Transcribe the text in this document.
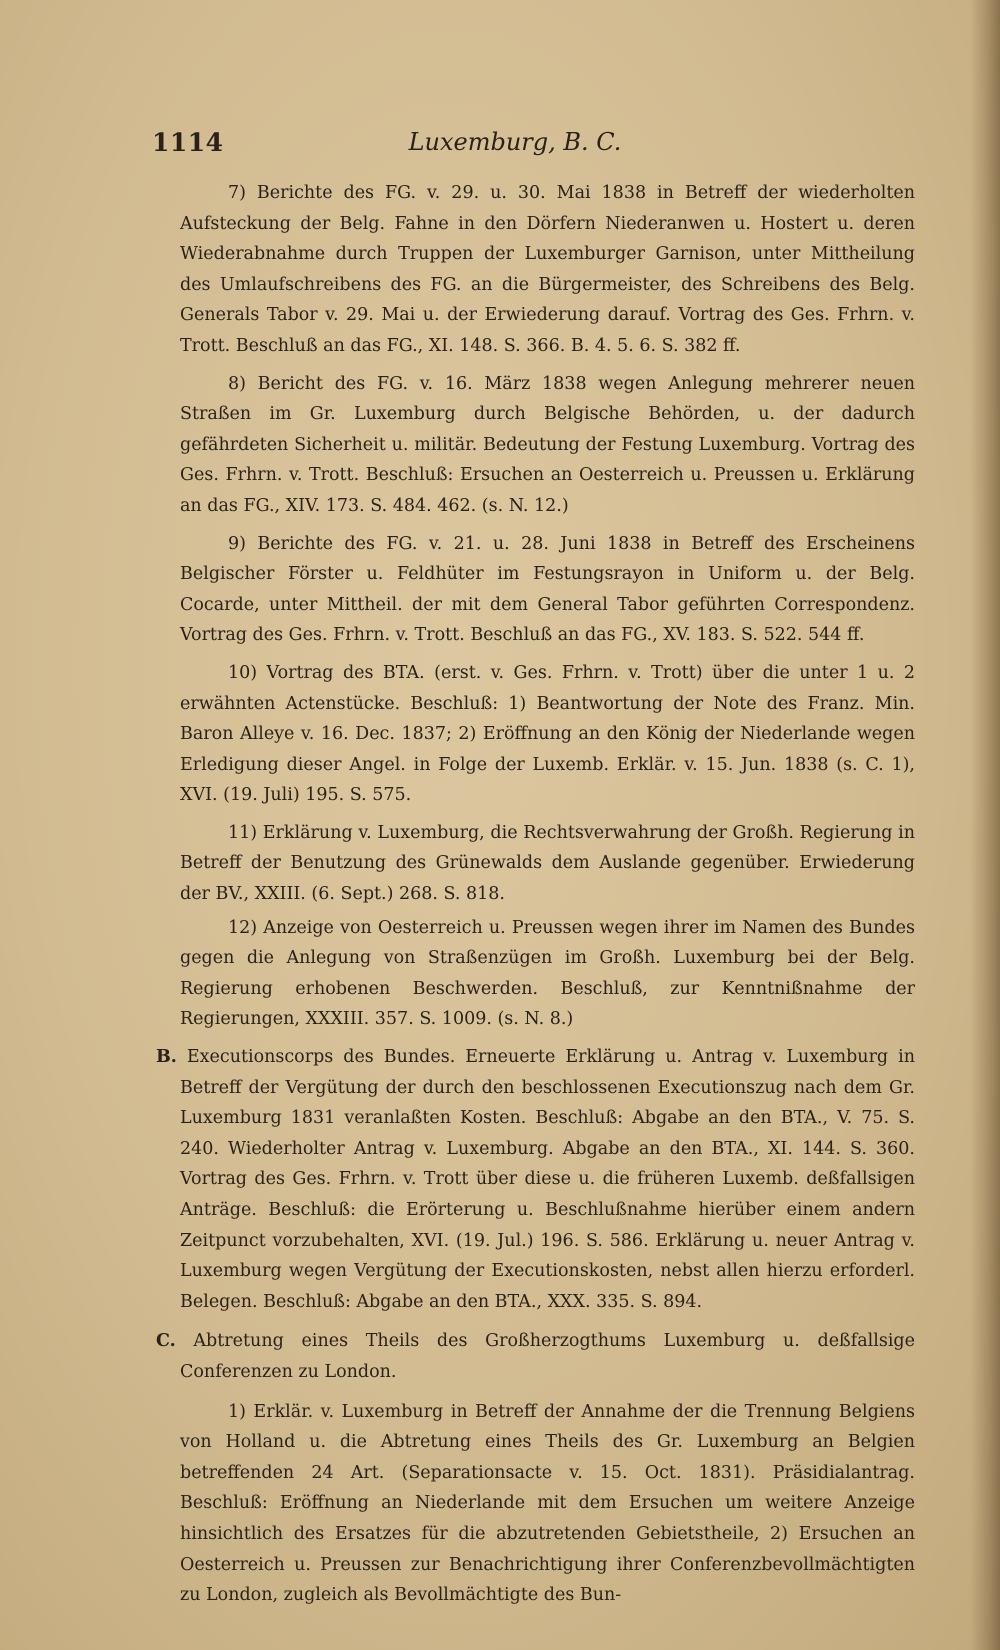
1114	Luxemburg, B. C.

7) Berichte des FG. v. 29. u. 30. Mai 1838 in Betreff der wiederholten Aufsteckung der Belg. Fahne in den Dörfern Niederanwen u. Hostert u. deren Wiederabnahme durch Truppen der Luxemburger Garnison, unter Mittheilung des Umlaufschreibens des FG. an die Bürgermeister, des Schreibens des Belg. Generals Tabor v. 29. Mai u. der Erwiederung darauf. Vortrag des Ges. Frhrn. v. Trott. Beschluß an das FG., XI. 148. S. 366. B. 4. 5. 6. S. 382 ff.

8) Bericht des FG. v. 16. März 1838 wegen Anlegung mehrerer neuen Straßen im Gr. Luxemburg durch Belgische Behörden, u. der dadurch gefährdeten Sicherheit u. militär. Bedeutung der Festung Luxemburg. Vortrag des Ges. Frhrn. v. Trott. Beschluß: Ersuchen an Oesterreich u. Preussen u. Erklärung an das FG., XIV. 173. S. 484. 462. (s. N. 12.)

9) Berichte des FG. v. 21. u. 28. Juni 1838 in Betreff des Erscheinens Belgischer Förster u. Feldhüter im Festungsrayon in Uniform u. der Belg. Cocarde, unter Mittheil. der mit dem General Tabor geführten Correspondenz. Vortrag des Ges. Frhrn. v. Trott. Beschluß an das FG., XV. 183. S. 522. 544 ff.

10) Vortrag des BTA. (erst. v. Ges. Frhrn. v. Trott) über die unter 1 u. 2 erwähnten Actenstücke. Beschluß: 1) Beantwortung der Note des Franz. Min. Baron Alleye v. 16. Dec. 1837; 2) Eröffnung an den König der Niederlande wegen Erledigung dieser Angel. in Folge der Luxemb. Erklär. v. 15. Jun. 1838 (s. C. 1), XVI. (19. Juli) 195. S. 575.

11) Erklärung v. Luxemburg, die Rechtsverwahrung der Großh. Regierung in Betreff der Benutzung des Grünewalds dem Auslande gegenüber. Erwiederung der BV., XXIII. (6. Sept.) 268. S. 818.

12) Anzeige von Oesterreich u. Preussen wegen ihrer im Namen des Bundes gegen die Anlegung von Straßenzügen im Großh. Luxemburg bei der Belg. Regierung erhobenen Beschwerden. Beschluß, zur Kenntnißnahme der Regierungen, XXXIII. 357. S. 1009. (s. N. 8.)

B. Executionscorps des Bundes. Erneuerte Erklärung u. Antrag v. Luxemburg in Betreff der Vergütung der durch den beschlossenen Executionszug nach dem Gr. Luxemburg 1831 veranlaßten Kosten. Beschluß: Abgabe an den BTA., V. 75. S. 240. Wiederholter Antrag v. Luxemburg. Abgabe an den BTA., XI. 144. S. 360. Vortrag des Ges. Frhrn. v. Trott über diese u. die früheren Luxemb. deßfallsigen Anträge. Beschluß: die Erörterung u. Beschlußnahme hierüber einem andern Zeitpunct vorzubehalten, XVI. (19. Jul.) 196. S. 586. Erklärung u. neuer Antrag v. Luxemburg wegen Vergütung der Executionskosten, nebst allen hierzu erforderl. Belegen. Beschluß: Abgabe an den BTA., XXX. 335. S. 894.

C. Abtretung eines Theils des Großherzogthums Luxemburg u. deßfallsige Conferenzen zu London.

1) Erklär. v. Luxemburg in Betreff der Annahme der die Trennung Belgiens von Holland u. die Abtretung eines Theils des Gr. Luxemburg an Belgien betreffenden 24 Art. (Separationsacte v. 15. Oct. 1831). Präsidialantrag. Beschluß: Eröffnung an Niederlande mit dem Ersuchen um weitere Anzeige hinsichtlich des Ersatzes für die abzutretenden Gebietstheile, 2) Ersuchen an Oesterreich u. Preussen zur Benachrichtigung ihrer Conferenzbevollmächtigten zu London, zugleich als Bevollmächtigte des Bun-
